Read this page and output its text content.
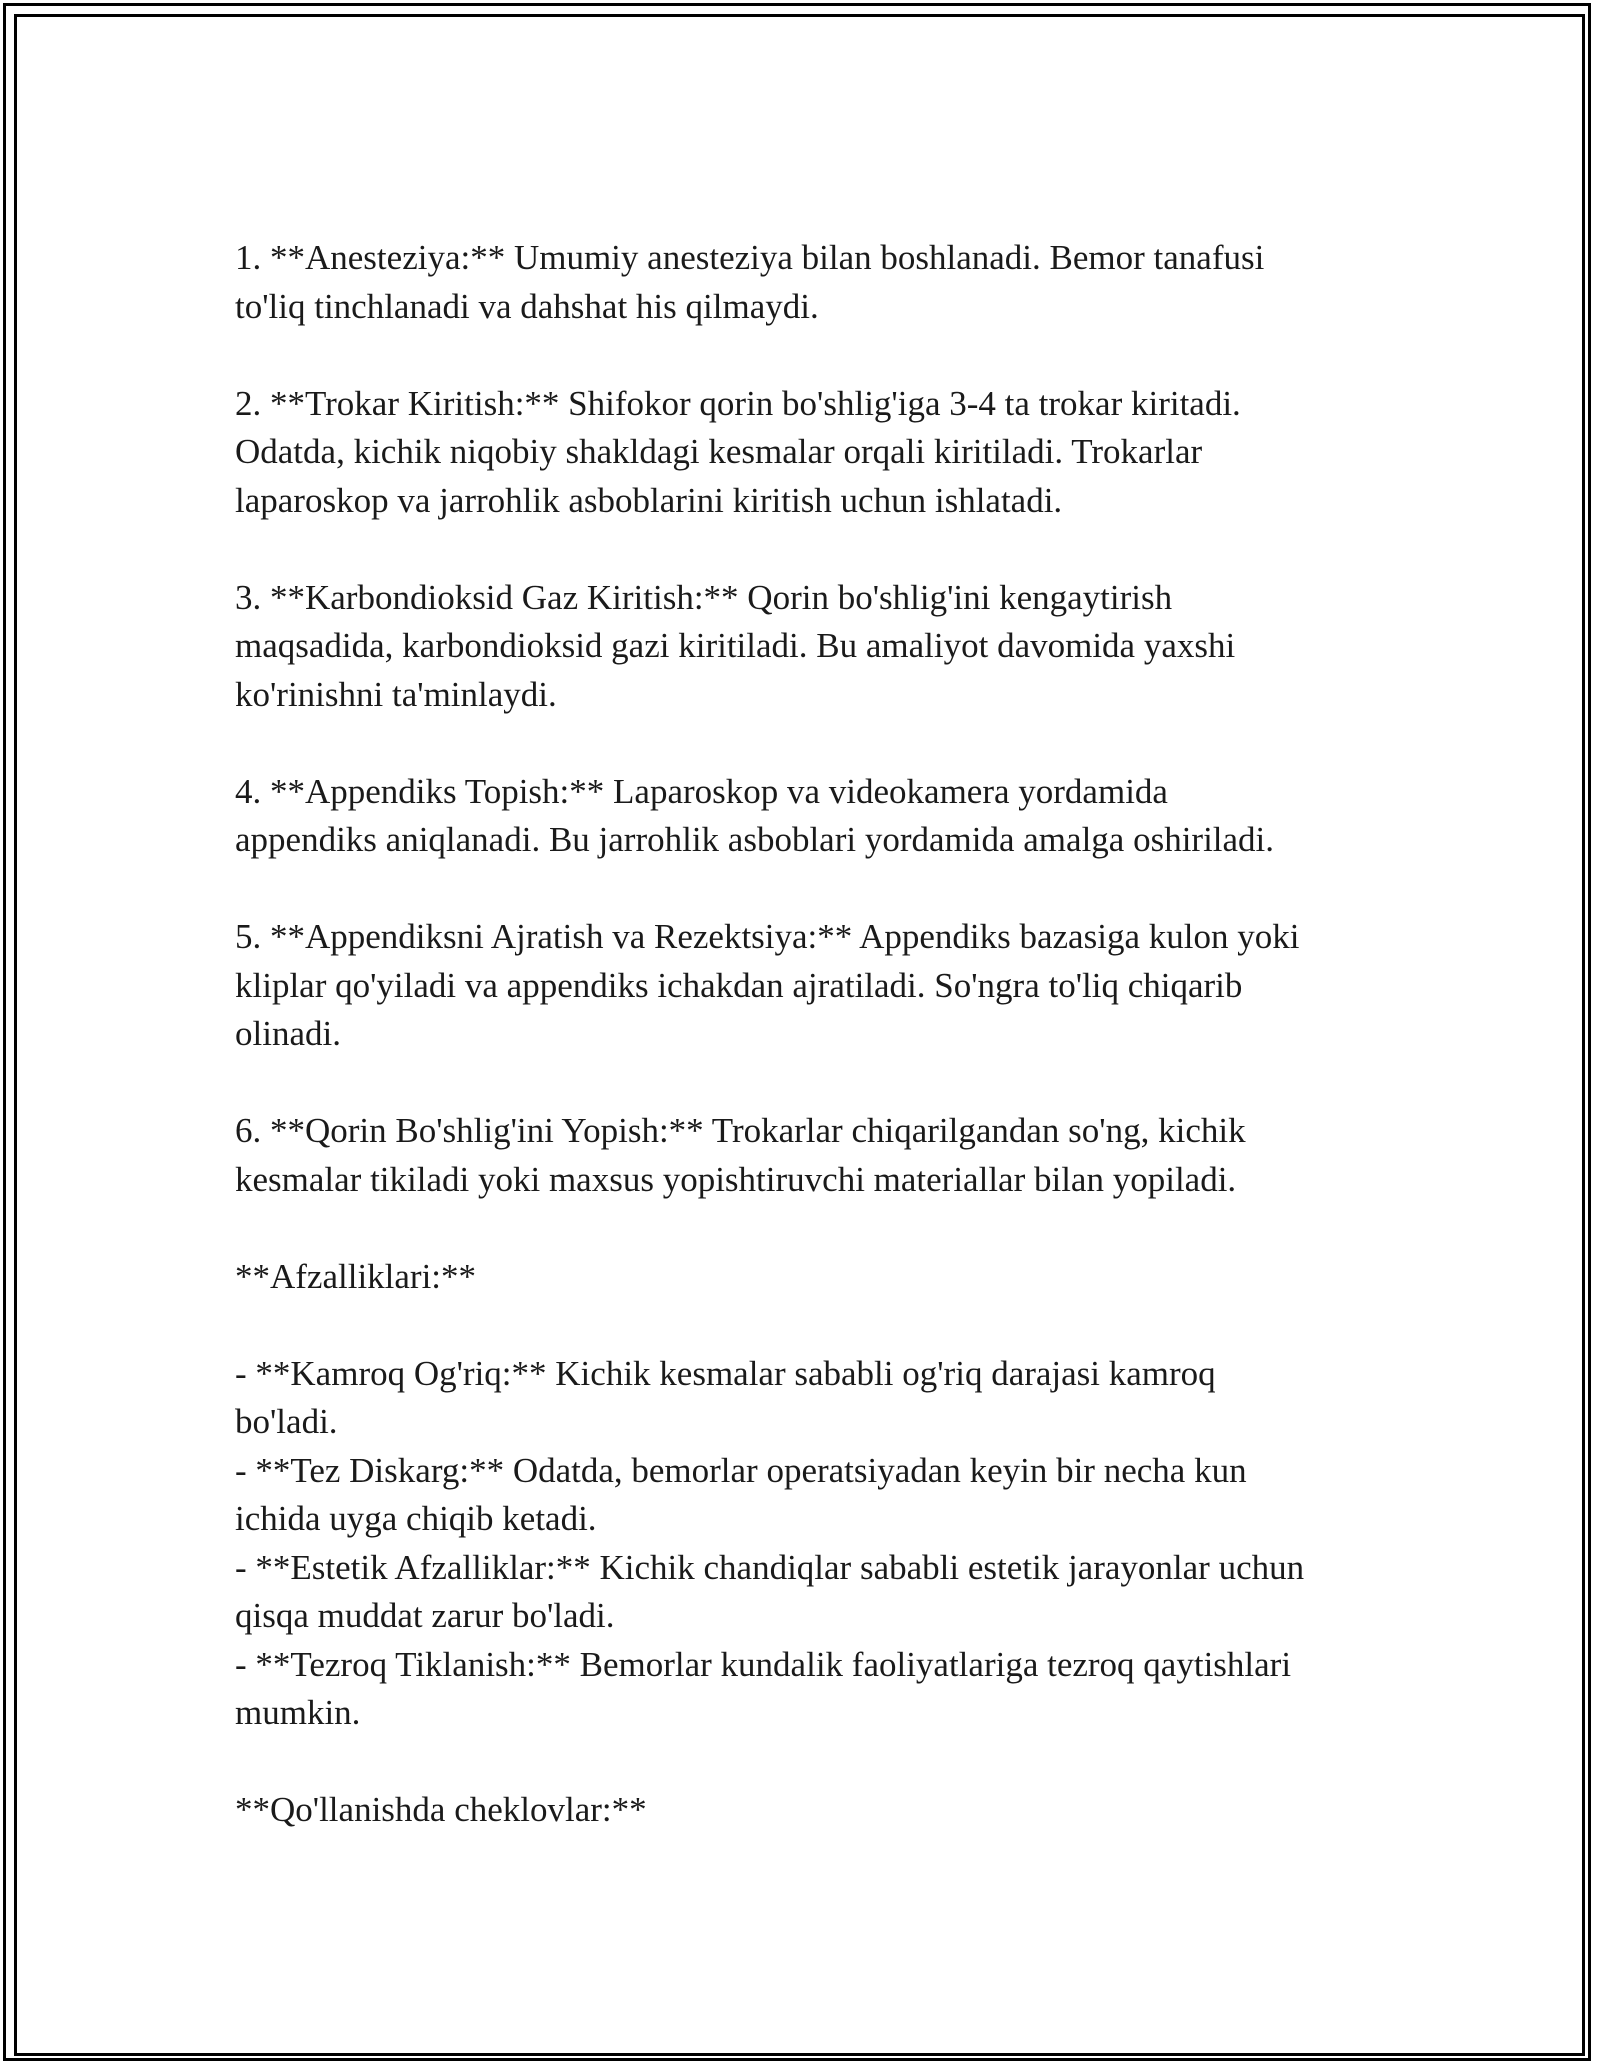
1. **Anesteziya:** Umumiy anesteziya bilan boshlanadi. Bemor tanafusi
to'liq tinchlanadi va dahshat his qilmaydi.
2. **Trokar Kiritish:** Shifokor qorin bo'shlig'iga 3-4 ta trokar kiritadi.
Odatda, kichik niqobiy shakldagi kesmalar orqali kiritiladi. Trokarlar
laparoskop va jarrohlik asboblarini kiritish uchun ishlatadi.
3. **Karbondioksid Gaz Kiritish:** Qorin bo'shlig'ini kengaytirish
maqsadida, karbondioksid gazi kiritiladi. Bu amaliyot davomida yaxshi
ko'rinishni ta'minlaydi.
4. **Appendiks Topish:** Laparoskop va videokamera yordamida
appendiks aniqlanadi. Bu jarrohlik asboblari yordamida amalga oshiriladi.
5. **Appendiksni Ajratish va Rezektsiya:** Appendiks bazasiga kulon yoki
kliplar qo'yiladi va appendiks ichakdan ajratiladi. So'ngra to'liq chiqarib
olinadi.
6. **Qorin Bo'shlig'ini Yopish:** Trokarlar chiqarilgandan so'ng, kichik
kesmalar tikiladi yoki maxsus yopishtiruvchi materiallar bilan yopiladi.
**Afzalliklari:**
- **Kamroq Og'riq:** Kichik kesmalar sababli og'riq darajasi kamroq
bo'ladi.
- **Tez Diskarg:** Odatda, bemorlar operatsiyadan keyin bir necha kun
ichida uyga chiqib ketadi.
- **Estetik Afzalliklar:** Kichik chandiqlar sababli estetik jarayonlar uchun
qisqa muddat zarur bo'ladi.
- **Tezroq Tiklanish:** Bemorlar kundalik faoliyatlariga tezroq qaytishlari
mumkin.
**Qo'llanishda cheklovlar:**
